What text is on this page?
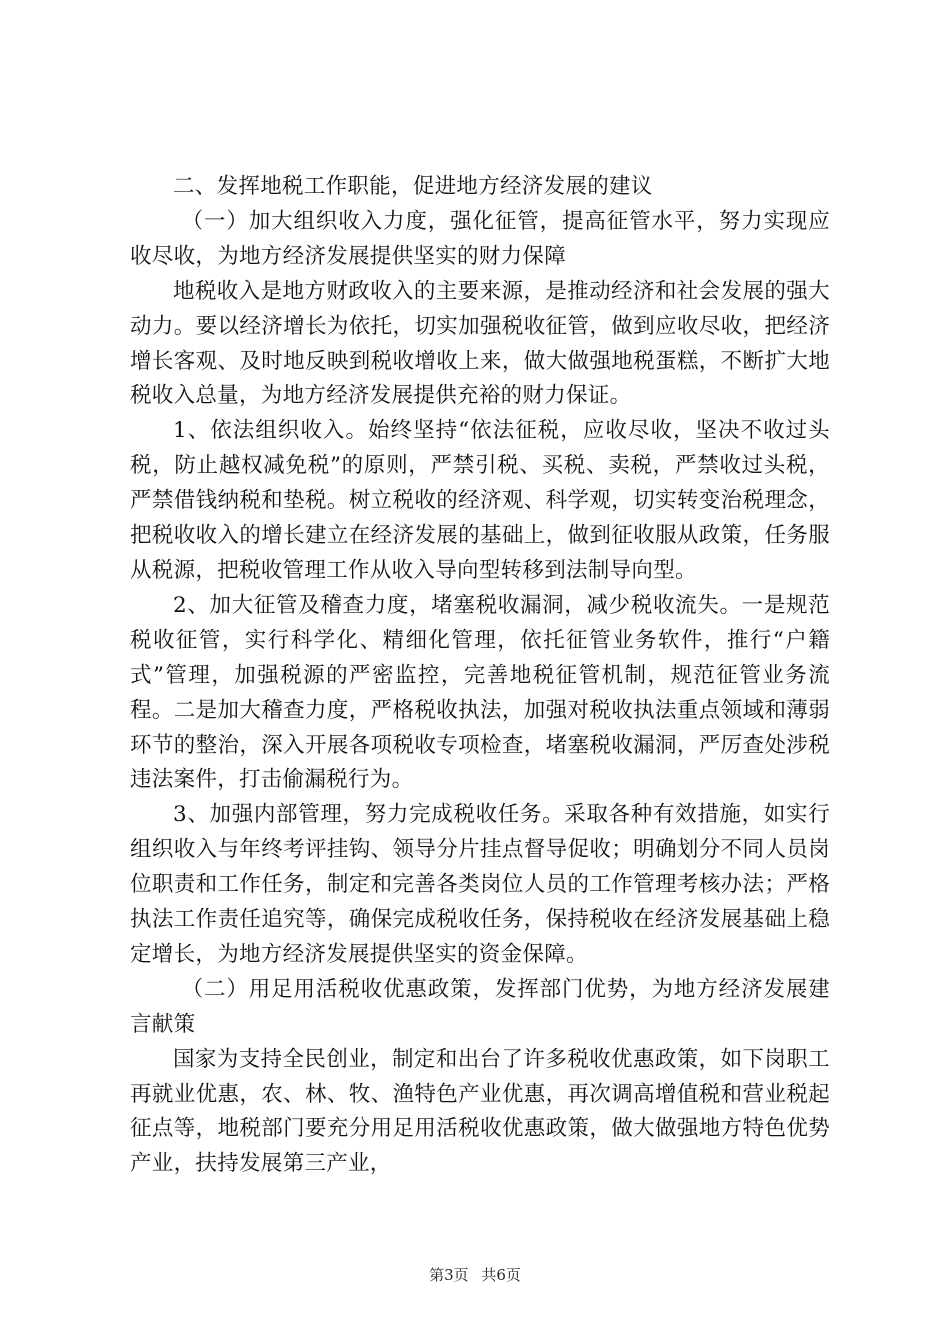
二、发挥地税工作职能，促进地方经济发展的建议

（一）加大组织收入力度，强化征管，提高征管水平，努力实现应收尽收，为地方经济发展提供坚实的财力保障

地税收入是地方财政收入的主要来源，是推动经济和社会发展的强大动力。要以经济增长为依托，切实加强税收征管，做到应收尽收，把经济增长客观、及时地反映到税收增收上来，做大做强地税蛋糕，不断扩大地税收入总量，为地方经济发展提供充裕的财力保证。

1、依法组织收入。始终坚持“依法征税，应收尽收，坚决不收过头税，防止越权减免税”的原则，严禁引税、买税、卖税，严禁收过头税，严禁借钱纳税和垫税。树立税收的经济观、科学观，切实转变治税理念，把税收收入的增长建立在经济发展的基础上，做到征收服从政策，任务服从税源，把税收管理工作从收入导向型转移到法制导向型。

2、加大征管及稽查力度，堵塞税收漏洞，减少税收流失。一是规范税收征管，实行科学化、精细化管理，依托征管业务软件，推行“户籍式”管理，加强税源的严密监控，完善地税征管机制，规范征管业务流程。二是加大稽查力度，严格税收执法，加强对税收执法重点领域和薄弱环节的整治，深入开展各项税收专项检查，堵塞税收漏洞，严厉查处涉税违法案件，打击偷漏税行为。

3、加强内部管理，努力完成税收任务。采取各种有效措施，如实行组织收入与年终考评挂钩、领导分片挂点督导促收；明确划分不同人员岗位职责和工作任务，制定和完善各类岗位人员的工作管理考核办法；严格执法工作责任追究等，确保完成税收任务，保持税收在经济发展基础上稳定增长，为地方经济发展提供坚实的资金保障。

（二）用足用活税收优惠政策，发挥部门优势，为地方经济发展建言献策

国家为支持全民创业，制定和出台了许多税收优惠政策，如下岗职工再就业优惠，农、林、牧、渔特色产业优惠，再次调高增值税和营业税起征点等，地税部门要充分用足用活税收优惠政策，做大做强地方特色优势产业，扶持发展第三产业，

第3页 共6页
